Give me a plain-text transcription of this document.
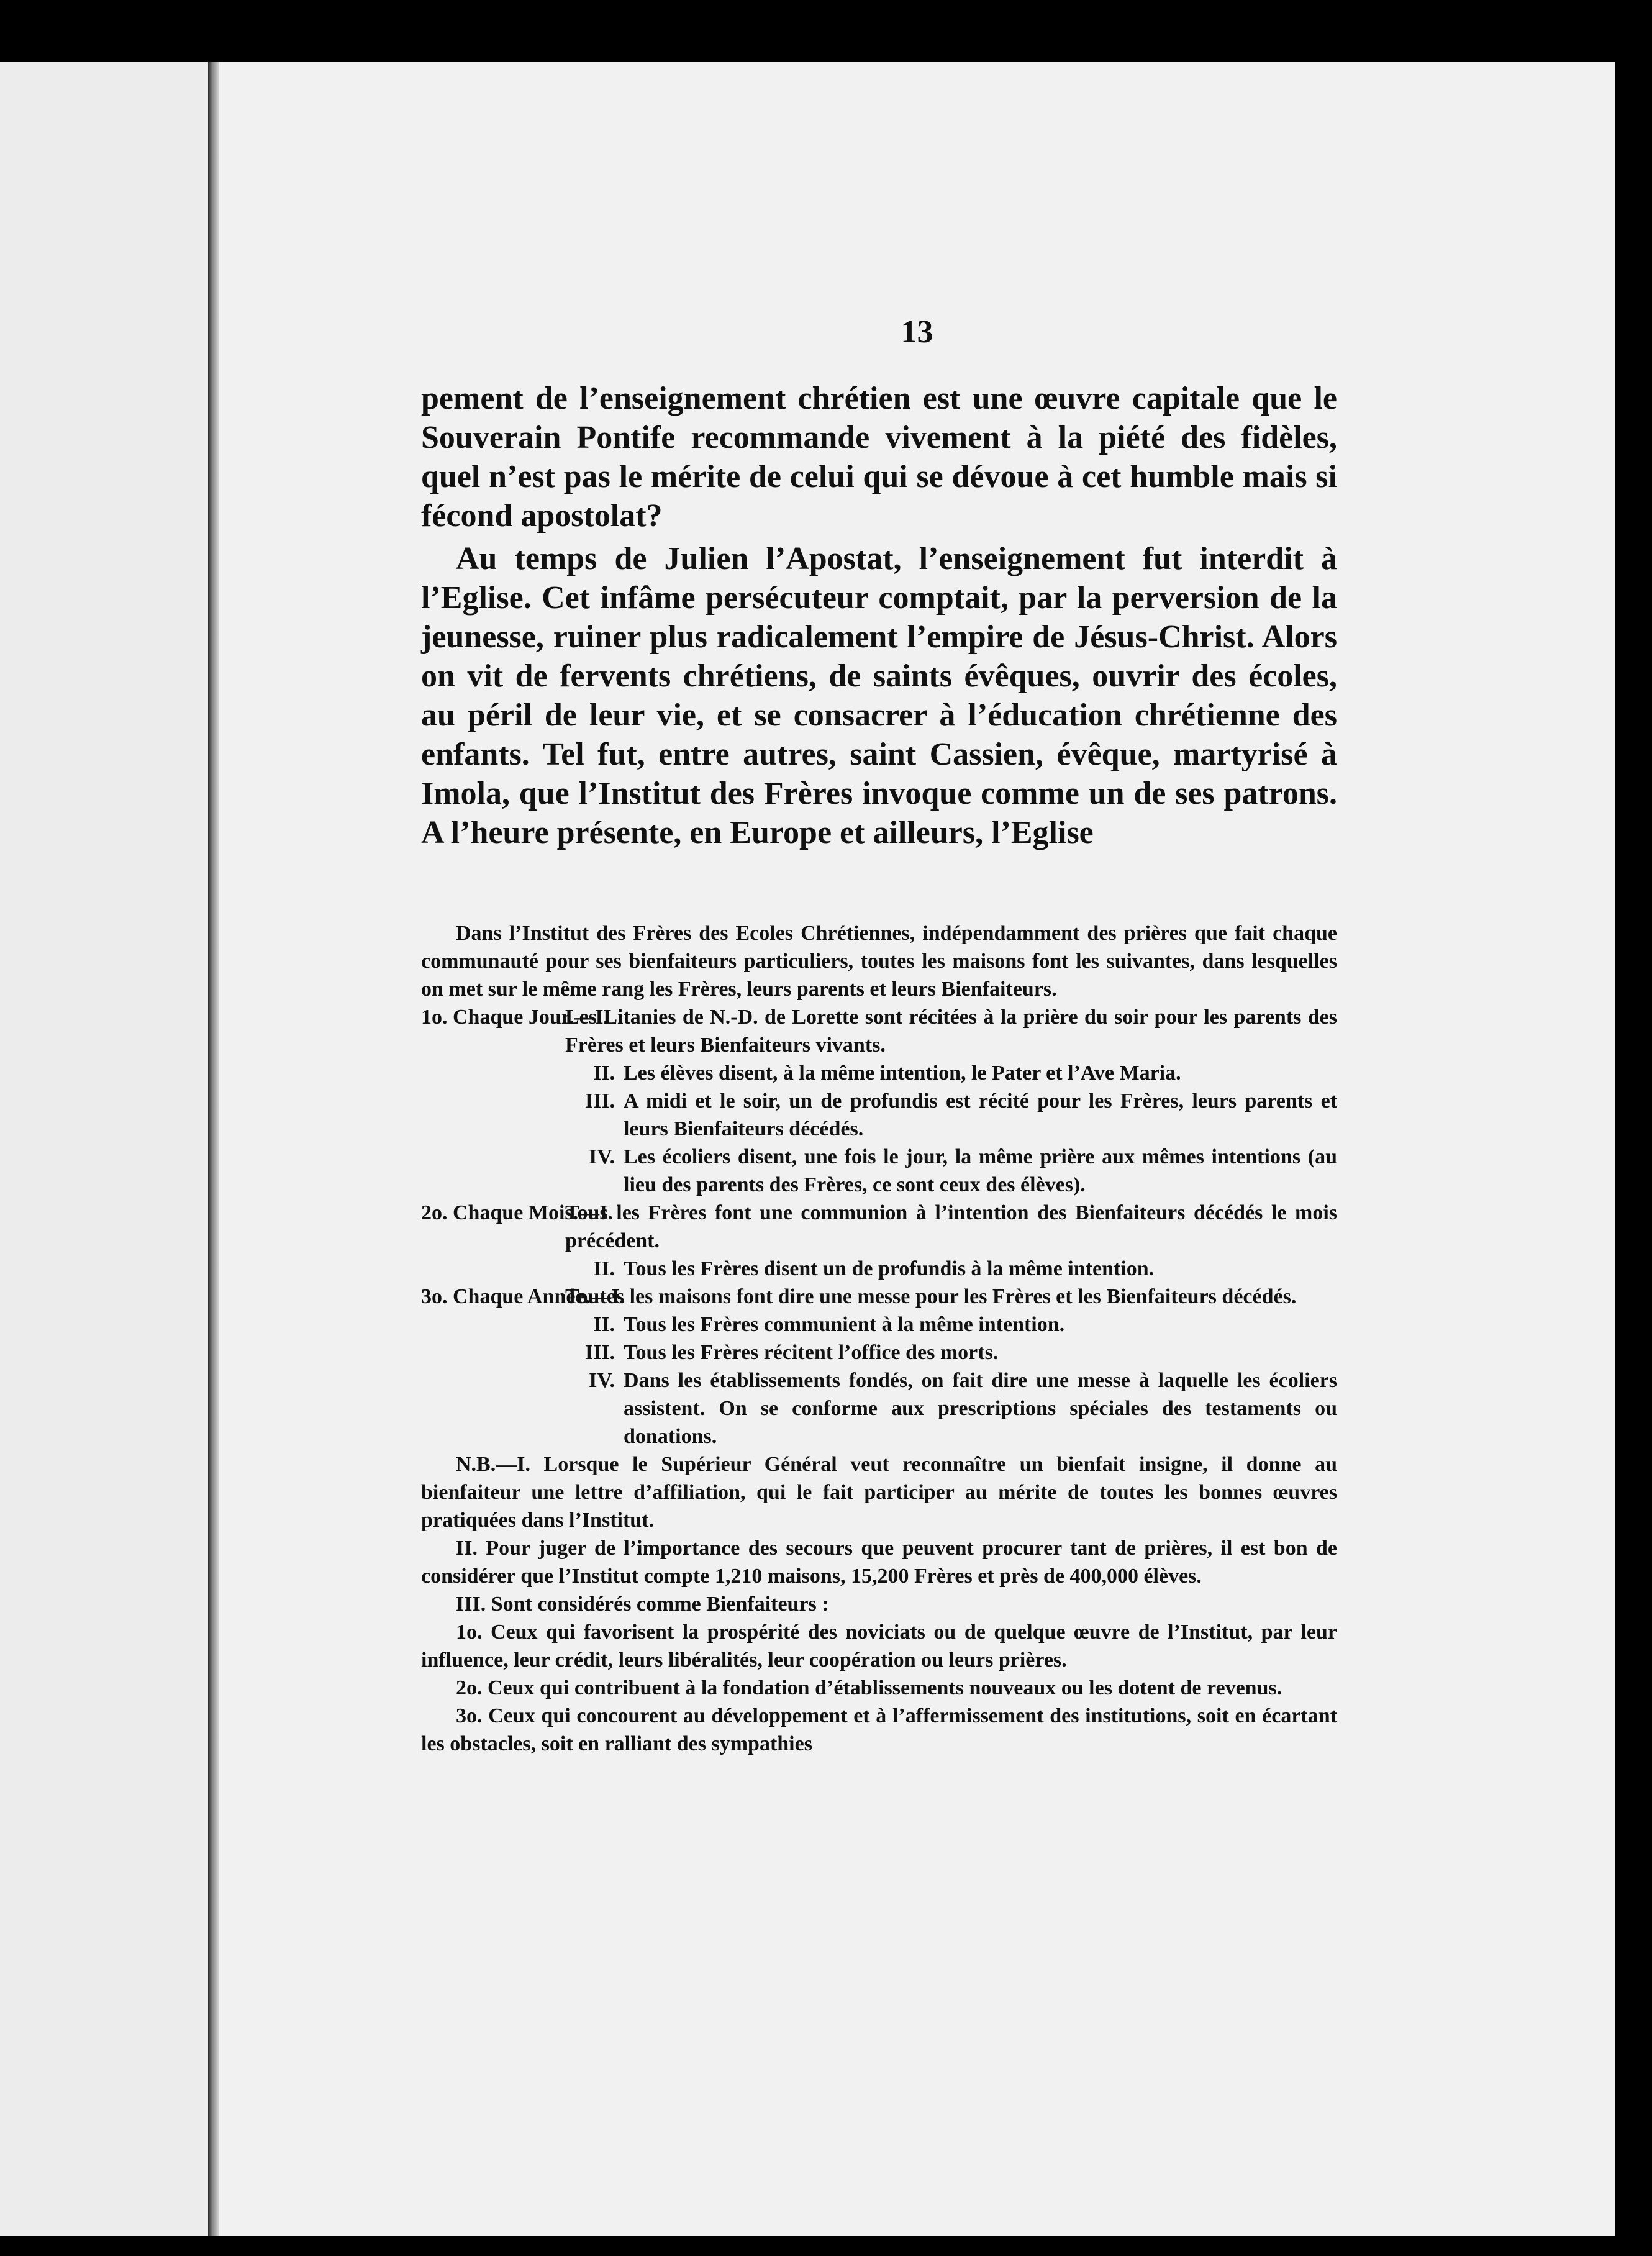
13

pement de l’enseignement chrétien est une œuvre capitale que le Souverain Pontife recommande vivement à la piété des fidèles, quel n’est pas le mérite de celui qui se dévoue à cet humble mais si fécond apostolat?

Au temps de Julien l’Apostat, l’enseignement fut interdit à l’Eglise. Cet infâme persécuteur comptait, par la perversion de la jeunesse, ruiner plus radicalement l’empire de Jésus-Christ. Alors on vit de fervents chrétiens, de saints évêques, ouvrir des écoles, au péril de leur vie, et se consacrer à l’éducation chrétienne des enfants. Tel fut, entre autres, saint Cassien, évêque, martyrisé à Imola, que l’Institut des Frères invoque comme un de ses patrons. A l’heure présente, en Europe et ailleurs, l’Eglise

Dans l’Institut des Frères des Ecoles Chrétiennes, indépendamment des prières que fait chaque communauté pour ses bienfaiteurs particuliers, toutes les maisons font les suivantes, dans lesquelles on met sur le même rang les Frères, leurs parents et leurs Bienfaiteurs.

1o. Chaque Jour.—I.
Les Litanies de N.-D. de Lorette sont récitées à la prière du soir pour les parents des Frères et leurs Bienfaiteurs vivants.
II. Les élèves disent, à la même intention, le Pater et l’Ave Maria.
III. A midi et le soir, un de profundis est récité pour les Frères, leurs parents et leurs Bienfaiteurs décédés.
IV. Les écoliers disent, une fois le jour, la même prière aux mêmes intentions (au lieu des parents des Frères, ce sont ceux des élèves).
2o. Chaque Mois.—I.
Tous les Frères font une communion à l’intention des Bienfaiteurs décédés le mois précédent.
II. Tous les Frères disent un de profundis à la même intention.
3o. Chaque Année.—I.
Toutes les maisons font dire une messe pour les Frères et les Bienfaiteurs décédés.
II. Tous les Frères communient à la même intention.
III. Tous les Frères récitent l’office des morts.
IV. Dans les établissements fondés, on fait dire une messe à laquelle les écoliers assistent. On se conforme aux prescriptions spéciales des testaments ou donations.

N.B.—I. Lorsque le Supérieur Général veut reconnaître un bienfait insigne, il donne au bienfaiteur une lettre d’affiliation, qui le fait participer au mérite de toutes les bonnes œuvres pratiquées dans l’Institut.

II. Pour juger de l’importance des secours que peuvent procurer tant de prières, il est bon de considérer que l’Institut compte 1,210 maisons, 15,200 Frères et près de 400,000 élèves.

III. Sont considérés comme Bienfaiteurs :

1o. Ceux qui favorisent la prospérité des noviciats ou de quelque œuvre de l’Institut, par leur influence, leur crédit, leurs libéralités, leur coopération ou leurs prières.

2o. Ceux qui contribuent à la fondation d’établissements nouveaux ou les dotent de revenus.

3o. Ceux qui concourent au développement et à l’affermissement des institutions, soit en écartant les obstacles, soit en ralliant des sympathies
